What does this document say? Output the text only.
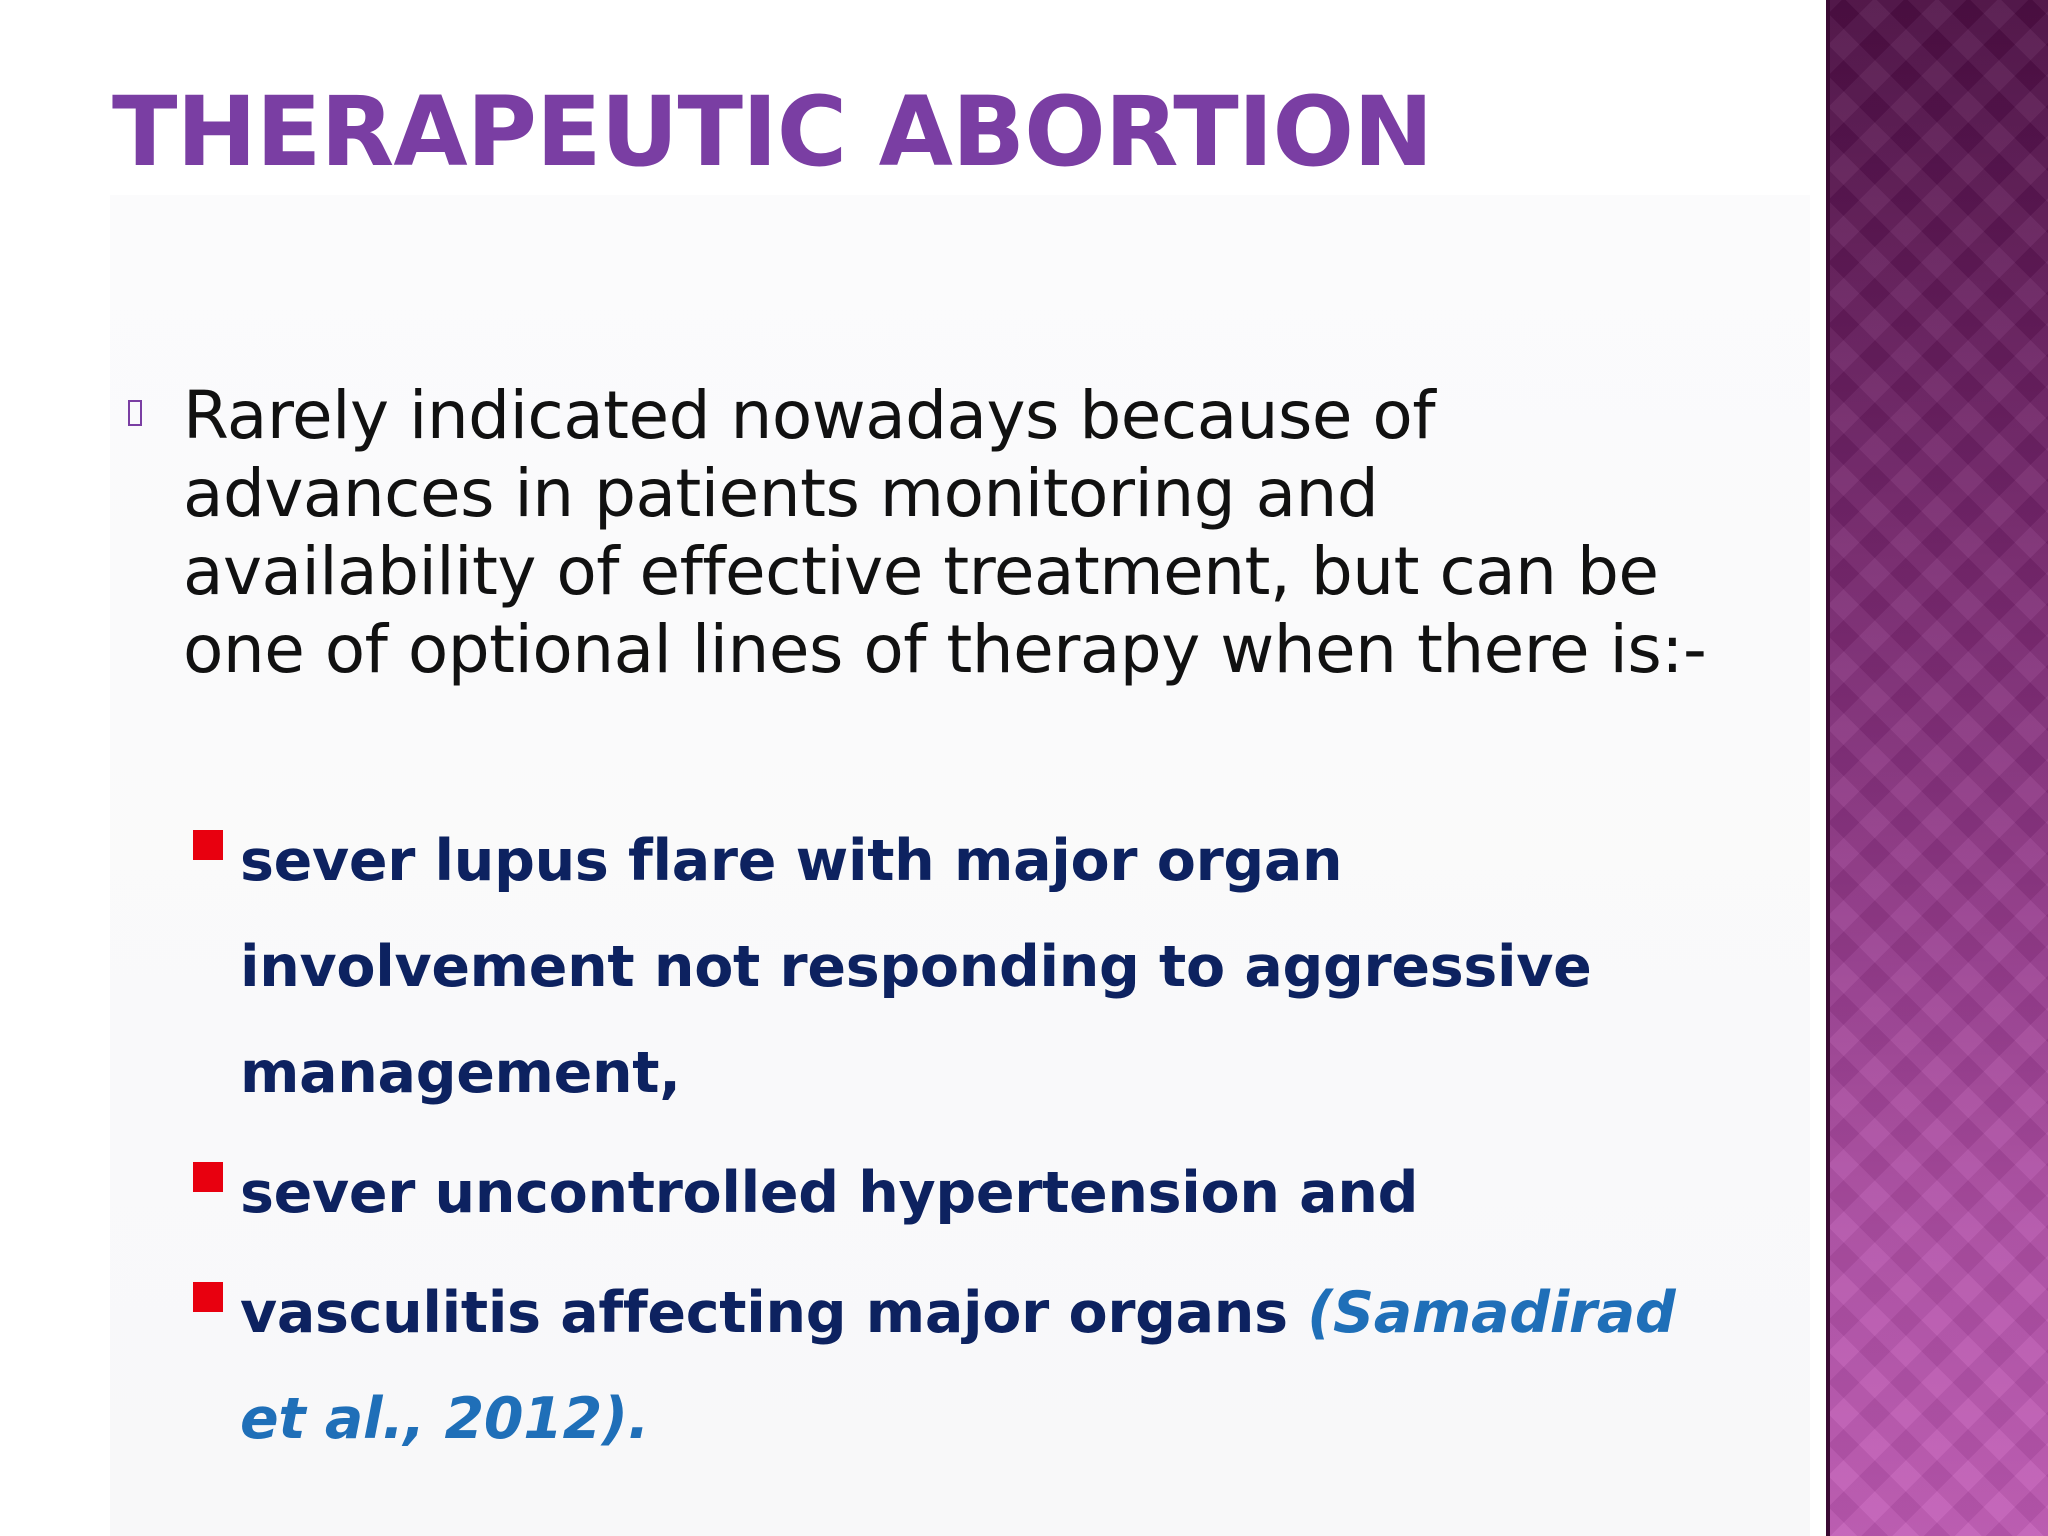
THERAPEUTIC ABORTION

Rarely indicated nowadays because of advances in patients monitoring and availability of effective treatment, but can be one of optional lines of therapy when there is:-

sever lupus flare with major organ involvement not responding to aggressive management,
sever uncontrolled hypertension and
vasculitis affecting major organs (Samadirad et al., 2012).
